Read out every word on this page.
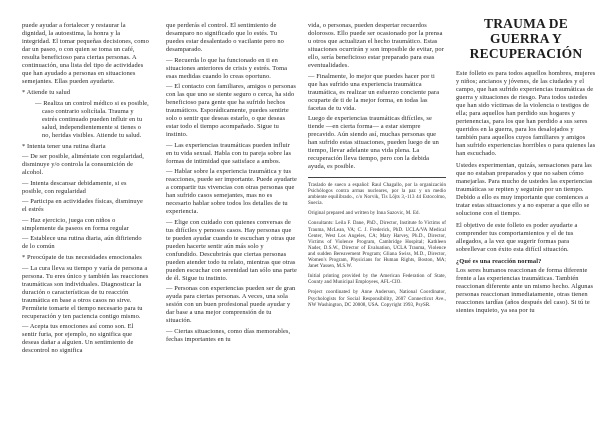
puede ayudar a fortalecer y restaurar la dignidad, la autoestima, la honra y la integridad. El tomar pequeñas decisiones, como dar un paseo, o con quien se toma un café, resulta beneficioso para ciertas personas. A continuación, una lista del tipo de actividades que han ayudado a personas en situaciones semejantes. Ellas pueden ayudarte.

* Atiende tu salud

— Realiza un control médico si es posible, caso contrario solicítala. Trauma y estrés continuado pueden influir en tu salud, independientemente si tienes o no, heridas visibles. Atiende tu salud.

* Intenta tener una rutina diaria

— De ser posible, aliméntate con regularidad, disminuye y/o controla la consumición de alcohol.

— Intenta descansar debidamente, si es posible, con regularidad

— Participa en actividades físicas, disminuye el estrés

— Haz ejercicio, juega con niños o simplemente da paseos en forma regular

— Establece una rutina diaria, aún difiriendo de lo común

* Preocúpate de tus necesidades emocionales

— La cura lleva su tiempo y varía de persona a persona. Tu eres único y también las reacciones traumáticas son individuales. Diagnosticar la duración o características de tu reacción traumática en base a otros casos no sirve. Permítete tomarte el tiempo necesario para tu recuperación y ten paciencia contigo mismo.

— Acepta tus emociones así como son. El sentir furia, por ejemplo, no significa que deseas dañar a alguien. Un sentimiento de descontrol no significa

que perderás el control. El sentimiento de desamparo no significado que lo estés. Tu puedes estar desalentado o vacilante pero no desamparado.

— Recuerda lo que ha funcionado en ti en situaciones anteriores de crisis y estrés. Toma esas medidas cuando lo creas oportuno.

— El contacto con familiares, amigos o personas con las que uno se siente seguro o cerca, ha sido beneficioso para gente que ha sufrido hechos traumáticos. Esporádicamente, puedes sentirte solo o sentir que deseas estarlo, o que deseas estar todo el tiempo acompañado. Sigue tu instinto.

— Las experiencias traumáticas pueden influir en tu vida sexual. Habla con tu pareja sobre las formas de intimidad que satisface a ambos.

— Hablar sobre la experiencia traumática y tus reacciones, puede ser importante. Puede ayudarte a compartir tus vivencias con otras personas que han sufrido casos semejantes, mas no es necesario hablar sobre todos los detalles de tu experiencia.

— Elige con cuidado con quienes conversas de tus difíciles y penosos casos. Hay personas que te pueden ayudar cuando te escuchan y otras que pueden hacerte sentir aún más solo y confundido. Descubrirás que ciertas personas pueden atender todo tu relato, mientras que otras pueden escuchar con serenidad tan sólo una parte de él. Sigue tu instinto.

— Personas con experiencias pueden ser de gran ayuda para ciertas personas. A veces, una sola sesión con un buen profesional puede ayudar y dar base a una mejor comprensión de tu situación.

— Ciertas situaciones, como días memorables, fechas importantes en tu

vida, o personas, pueden despertar recuerdos dolorosos. Ello puede ser ocasionado por la prensa u otros que actualizan el hecho traumático. Estas situaciones ocurrirán y son imposible de evitar, por ello, sería beneficioso estar preparado para esas eventualidades.

— Finalmente, lo mejor que puedes hacer por ti que has sufrido una experiencia traumática traumática, es realizar un esfuerzo conciente para ocuparte de ti de la mejor forma, en todas las facetas de tu vida.

Luego de experiencias traumáticas difíciles, se tiende —en cierta forma— a estar siempre precavido. Aún siendo así, muchas personas que han sufrido estas situaciones, pueden luego de un tiempo, llevar adelante una vida plena. La recuperación lleva tiempo, pero con la debida ayuda, es posible.

Traslado de sueco a español: Raul Chagallo, por la organización Psichólogos contra armas nucleares, por la paz y un medio ambiente equilibrado., c/o Norvik, Tis Löjts 3,-113 44 Estocolmo, Suecia.

Original prepared and written by Inna Sazovic, M. Ed.

Consultants: Leila F. Dane, PhD., Director, Institute fo Victims of Trauma, McLean, VA; C. J. Frederick, PhD. UCLA/VA Medical Center, West Los Angeles, CA; Mary Harvey, Ph.D., Director, Victims of Violence Program, Cambridge Hospital; Kathleen Nader, D.S.W., Director of Evaluation, UCLA Trauma, Violence and sudden Bereavement Program; Gliana Swiss, M.D., Director, Women's Program, Physicians for Human Rights, Boston, MA; Janet Yassen, M.S.W.

Initial printing provided by the American Federation of State, County and Municipal Employees, AFL-CIO.

Project coordinated by Anne Anderson, National Coordinator, Psychologists for Social Responsibility, 2607 Connecticut Ave., NW Washington, DC 20008, USA. Copyright 1993, PsySR.

TRAUMA DE
GUERRA Y
RECUPERACIÓN

Este folleto es para todos aquellos hombres, mujeres y niños; ancianos y jóvenes, de las ciudades y el campo, que han sufrido experiencias traumáticas de guerra y situaciones de riesgo. Para todos ustedes que han sido víctimas de la violencia o testigos de ella; para aquellos han perdido sus hogares y pertenencias, para los que han perdido a sus seres queridos en la guerra, para los desalojados y también para aquellos cuyos familiares y amigos han sufrido experiencias horribles o para quienes las han escuchado.

Ustedes experimentan, quizás, sensaciones para las que no estaban preparados y que no saben cómo manejarlas. Para mucho de ustedes las experiencias traumáticas se repiten y seguirán por un tiempo. Debido a ello es muy importante que comiences a tratar estas situaciones y a no esperar a que ello se solucione con el tiempo.

El objetivo de este folleto es poder ayudarte a comprender tus comportamientos y el de tus allegados, a la vez que sugerir formas para sobrellevar con éxito esta difícil situación.

¿Qué es una reacción normal?

Los seres humanos reaccionan de forma diferente frente a las experiencias traumáticas. También reaccionan diferente ante un mismo hecho. Algunas personas reaccionan inmediatamente, otras tienen reacciones tardías (años después del caso). Si tú te sientes inquieto, ya sea por tu
